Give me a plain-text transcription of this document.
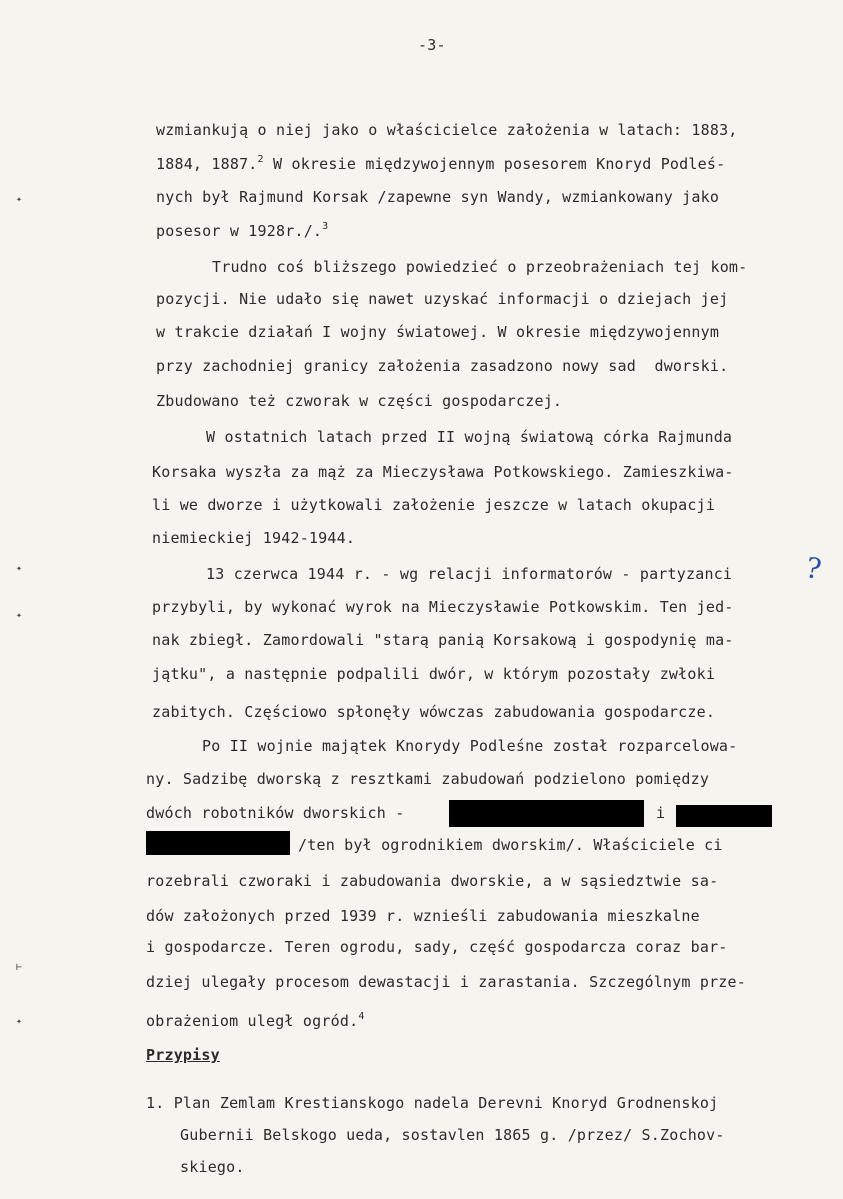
-3-
wzmiankują o niej jako o właścicielce założenia w latach: 1883,
1884, 1887.$^2$ W okresie międzywojennym posesorem Knoryd Podleś-
nych był Rajmund Korsak /zapewne syn Wandy, wzmiankowany jako
posesor w 1928r./.$^3$
Trudno coś bliższego powiedzieć o przeobrażeniach tej kom-
pozycji. Nie udało się nawet uzyskać informacji o dziejach jej
w trakcie działań I wojny światowej. W okresie międzywojennym
przy zachodniej granicy założenia zasadzono nowy sad  dworski.
Zbudowano też czworak w części gospodarczej.
W ostatnich latach przed II wojną światową córka Rajmunda
Korsaka wyszła za mąż za Mieczysława Potkowskiego. Zamieszkiwa-
li we dworze i użytkowali założenie jeszcze w latach okupacji
niemieckiej 1942-1944.
13 czerwca 1944 r. - wg relacji informatorów - partyzanci	?
przybyli, by wykonać wyrok na Mieczysławie Potkowskim. Ten jed-
nak zbiegł. Zamordowali "starą panią Korsakową i gospodynię ma-
jątku", a następnie podpalili dwór, w którym pozostały zwłoki
zabitych. Częściowo spłonęły wówczas zabudowania gospodarcze.
Po II wojnie majątek Knorydy Podleśne został rozparcelowa-
ny. Sadzibę dworską z resztkami zabudowań podzielono pomiędzy
dwóch robotników dworskich -	i
/ten był ogrodnikiem dworskim/. Właściciele ci
rozebrali czworaki i zabudowania dworskie, a w sąsiedztwie sa-
dów założonych przed 1939 r. wznieśli zabudowania mieszkalne
i gospodarcze. Teren ogrodu, sady, część gospodarcza coraz bar-
dziej ulegały procesom dewastacji i zarastania. Szczególnym prze-
obrażeniom uległ ogród.$^4$
Przypisy
1. Plan Zemlam Krestianskogo nadela Derevni Knoryd Grodnenskoj
Gubernii Belskogo ueda, sostavlen 1865 g. /przez/ S.Zochov-
skiego.
✦
✦
✦
⊢
✦
